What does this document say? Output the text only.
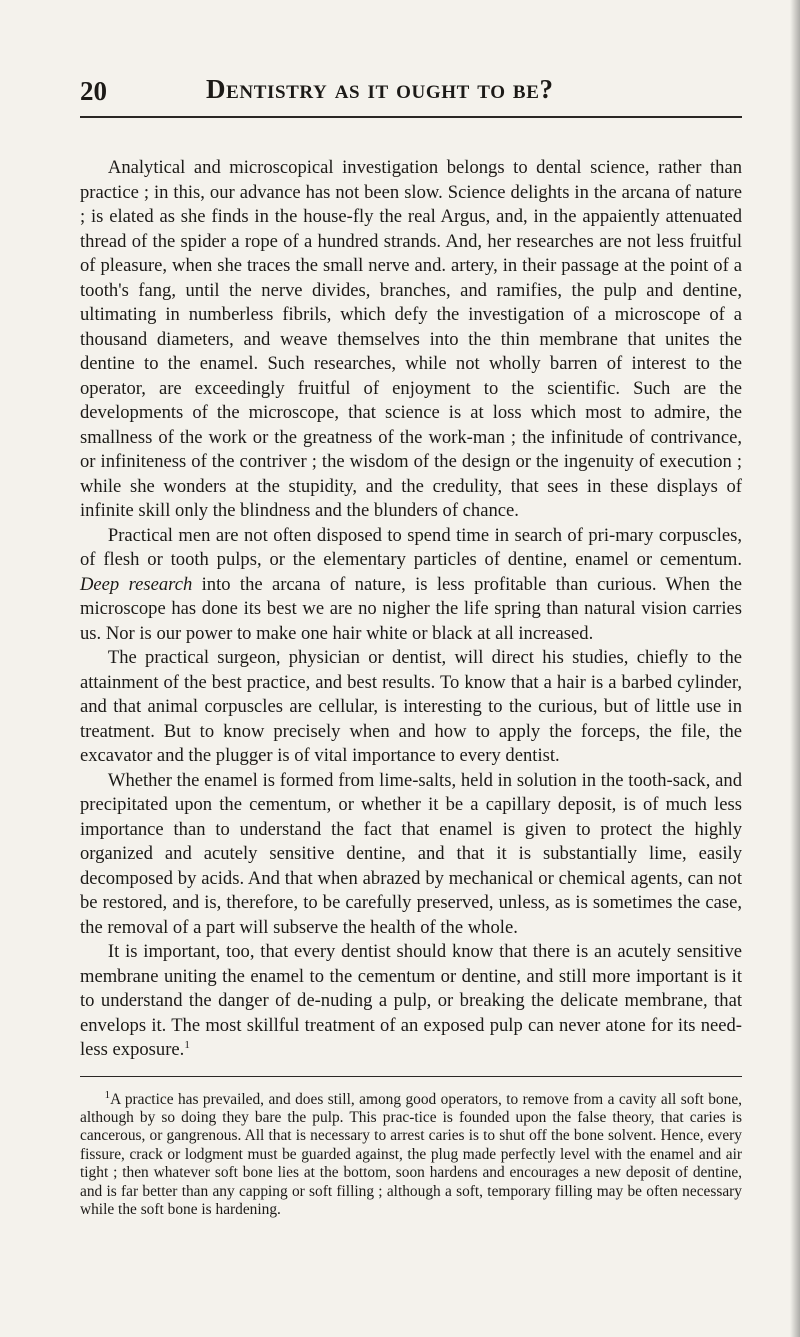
20	Dentistry as it ought to be?

Analytical and microscopical investigation belongs to dental science, rather than practice ; in this, our advance has not been slow. Science delights in the arcana of nature ; is elated as she finds in the house-fly the real Argus, and, in the appaiently attenuated thread of the spider a rope of a hundred strands. And, her researches are not less fruitful of pleasure, when she traces the small nerve and. artery, in their passage at the point of a tooth's fang, until the nerve divides, branches, and ramifies, the pulp and dentine, ultimating in numberless fibrils, which defy the investigation of a microscope of a thousand diameters, and weave themselves into the thin membrane that unites the dentine to the enamel. Such researches, while not wholly barren of interest to the operator, are exceedingly fruitful of enjoyment to the scientific. Such are the developments of the microscope, that science is at loss which most to admire, the smallness of the work or the greatness of the work-man ; the infinitude of contrivance, or infiniteness of the contriver ; the wisdom of the design or the ingenuity of execution ; while she wonders at the stupidity, and the credulity, that sees in these displays of infinite skill only the blindness and the blunders of chance.

Practical men are not often disposed to spend time in search of pri-mary corpuscles, of flesh or tooth pulps, or the elementary particles of dentine, enamel or cementum. Deep research into the arcana of nature, is less profitable than curious. When the microscope has done its best we are no nigher the life spring than natural vision carries us. Nor is our power to make one hair white or black at all increased.

The practical surgeon, physician or dentist, will direct his studies, chiefly to the attainment of the best practice, and best results. To know that a hair is a barbed cylinder, and that animal corpuscles are cellular, is interesting to the curious, but of little use in treatment. But to know precisely when and how to apply the forceps, the file, the excavator and the plugger is of vital importance to every dentist.

Whether the enamel is formed from lime-salts, held in solution in the tooth-sack, and precipitated upon the cementum, or whether it be a capillary deposit, is of much less importance than to understand the fact that enamel is given to protect the highly organized and acutely sensitive dentine, and that it is substantially lime, easily decomposed by acids. And that when abrazed by mechanical or chemical agents, can not be restored, and is, therefore, to be carefully preserved, unless, as is sometimes the case, the removal of a part will subserve the health of the whole.

It is important, too, that every dentist should know that there is an acutely sensitive membrane uniting the enamel to the cementum or dentine, and still more important is it to understand the danger of de-nuding a pulp, or breaking the delicate membrane, that envelops it. The most skillful treatment of an exposed pulp can never atone for its need-less exposure.$^1$

$^1$A practice has prevailed, and does still, among good operators, to remove from a cavity all soft bone, although by so doing they bare the pulp. This prac-tice is founded upon the false theory, that caries is cancerous, or gangrenous. All that is necessary to arrest caries is to shut off the bone solvent. Hence, every fissure, crack or lodgment must be guarded against, the plug made perfectly level with the enamel and air tight ; then whatever soft bone lies at the bottom, soon hardens and encourages a new deposit of dentine, and is far better than any capping or soft filling ; although a soft, temporary filling may be often necessary while the soft bone is hardening.
